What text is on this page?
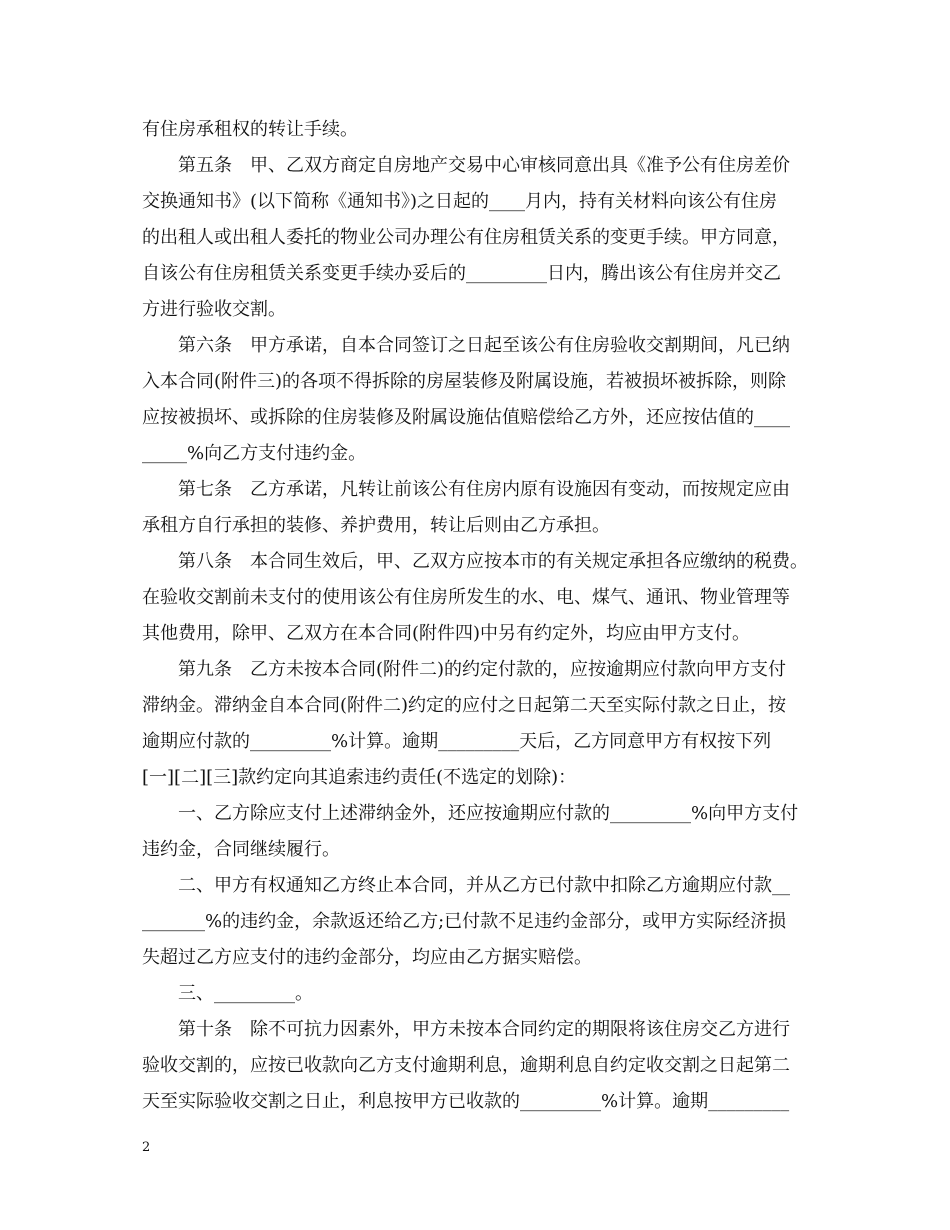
有住房承租权的转让手续。
第五条　甲、乙双方商定自房地产交易中心审核同意出具《准予公有住房差价
交换通知书》(以下简称《通知书》)之日起的____月内，持有关材料向该公有住房
的出租人或出租人委托的物业公司办理公有住房租赁关系的变更手续。甲方同意，
自该公有住房租赁关系变更手续办妥后的_________日内，腾出该公有住房并交乙
方进行验收交割。
第六条　甲方承诺，自本合同签订之日起至该公有住房验收交割期间，凡已纳
入本合同(附件三)的各项不得拆除的房屋装修及附属设施，若被损坏被拆除，则除
应按被损坏、或拆除的住房装修及附属设施估值赔偿给乙方外，还应按估值的____
_____%向乙方支付违约金。
第七条　乙方承诺，凡转让前该公有住房内原有设施因有变动，而按规定应由
承租方自行承担的装修、养护费用，转让后则由乙方承担。
第八条　本合同生效后，甲、乙双方应按本市的有关规定承担各应缴纳的税费。
在验收交割前未支付的使用该公有住房所发生的水、电、煤气、通讯、物业管理等
其他费用，除甲、乙双方在本合同(附件四)中另有约定外，均应由甲方支付。
第九条　乙方未按本合同(附件二)的约定付款的，应按逾期应付款向甲方支付
滞纳金。滞纳金自本合同(附件二)约定的应付之日起第二天至实际付款之日止，按
逾期应付款的_________%计算。逾期_________天后，乙方同意甲方有权按下列
[一][二][三]款约定向其追索违约责任(不选定的划除)：
一、乙方除应支付上述滞纳金外，还应按逾期应付款的_________%向甲方支付
违约金，合同继续履行。
二、甲方有权通知乙方终止本合同，并从乙方已付款中扣除乙方逾期应付款__
_______%的违约金，余款返还给乙方;已付款不足违约金部分，或甲方实际经济损
失超过乙方应支付的违约金部分，均应由乙方据实赔偿。
三、_________。
第十条　除不可抗力因素外，甲方未按本合同约定的期限将该住房交乙方进行
验收交割的，应按已收款向乙方支付逾期利息，逾期利息自约定收交割之日起第二
天至实际验收交割之日止，利息按甲方已收款的_________%计算。逾期_________
2
